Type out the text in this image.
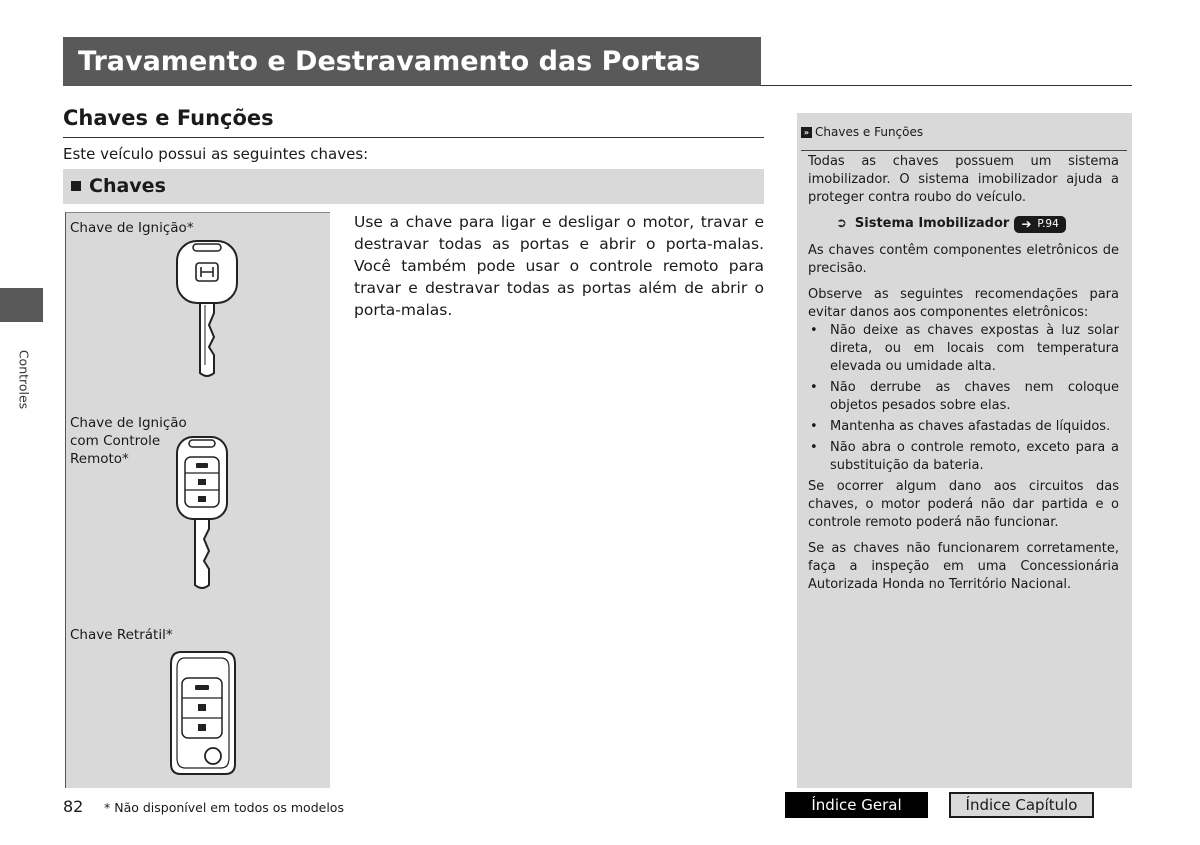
Travamento e Destravamento das Portas
Chaves e Funções
Este veículo possui as seguintes chaves:
Chaves
Chave de Ignição*
Chave de Ignição
com Controle
Remoto*
Chave Retrátil*
Use a chave para ligar e desligar o motor, travar e destravar todas as portas e abrir o porta-malas. Você também pode usar o controle remoto para travar e destravar todas as portas além de abrir o porta-malas.
Controles
» Chaves e Funções

Todas as chaves possuem um sistema imobilizador. O sistema imobilizador ajuda a proteger contra roubo do veículo.

➲ Sistema Imobilizador ➔ P.94

As chaves contêm componentes eletrônicos de precisão.

Observe as seguintes recomendações para evitar danos aos componentes eletrônicos:

• Não deixe as chaves expostas à luz solar direta, ou em locais com temperatura elevada ou umidade alta.
• Não derrube as chaves nem coloque objetos pesados sobre elas.
• Mantenha as chaves afastadas de líquidos.
• Não abra o controle remoto, exceto para a substituição da bateria.

Se ocorrer algum dano aos circuitos das chaves, o motor poderá não dar partida e o controle remoto poderá não funcionar.

Se as chaves não funcionarem corretamente, faça a inspeção em uma Concessionária Autorizada Honda no Território Nacional.

82 * Não disponível em todos os modelos	Índice Geral	Índice Capítulo
